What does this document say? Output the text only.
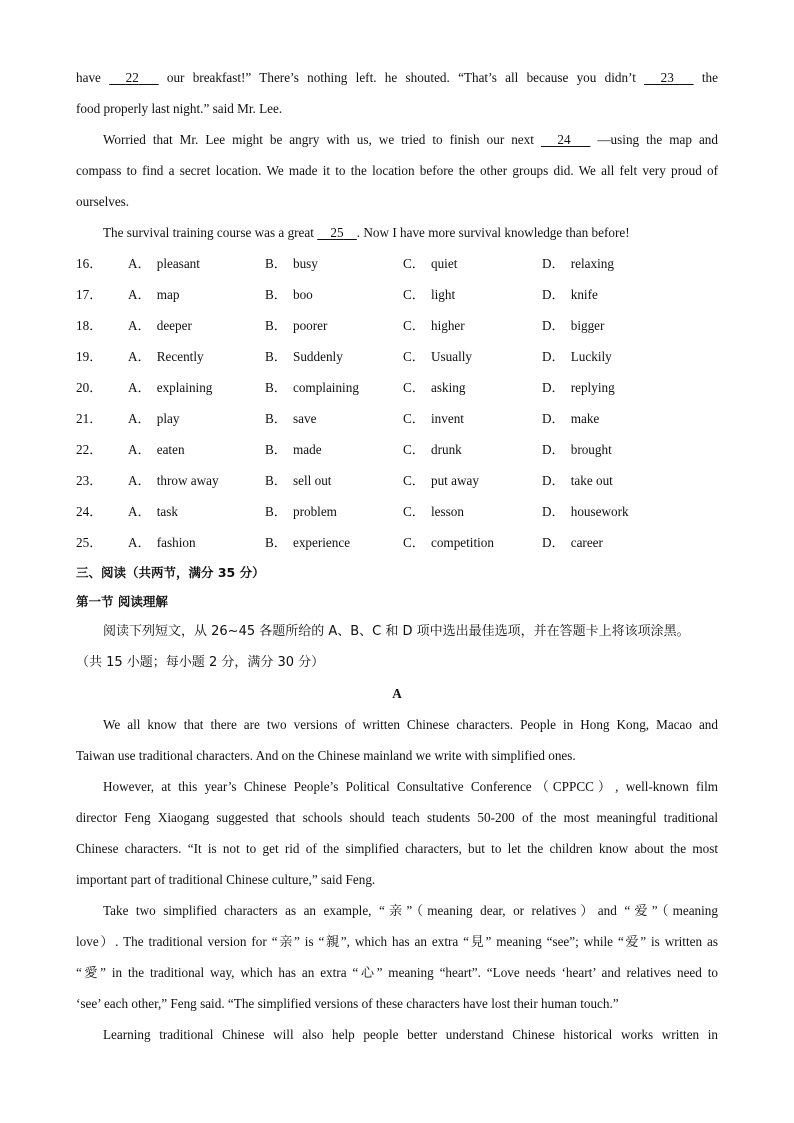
have      22       our breakfast!” There’s nothing left. he shouted. “That’s all because you didn’t      23       the
food properly last night.” said Mr. Lee.
Worried that Mr. Lee might be angry with us, we tried to finish our next      24       —using the map and
compass to find a secret location. We made it to the location before the other groups did. We all felt very proud of
ourselves.
The survival training course was a great     25 . Now I have more survival knowledge than before!
16．	A． pleasant	B． busy	C． quiet	D． relaxing
17．	A． map	B． boo	C． light	D． knife
18．	A． deeper	B． poorer	C． higher	D． bigger
19．	A． Recently	B． Suddenly	C． Usually	D． Luckily
20．	A． explaining	B． complaining	C． asking	D． replying
21．	A． play	B． save	C． invent	D． make
22．	A． eaten	B． made	C． drunk	D． brought
23．	A． throw away	B． sell out	C． put away	D． take out
24．	A． task	B． problem	C． lesson	D． housework
25．	A． fashion	B． experience	C． competition	D． career
三、阅读（共两节，满分 35 分）
第一节 阅读理解
阅读下列短文，从 26~45 各题所给的 A、B、C 和 D 项中选出最佳选项，并在答题卡上将该项涂黑。
（共 15 小题；每小题 2 分，满分 30 分）
A
We all know that there are two versions of written Chinese characters. People in Hong Kong, Macao and
Taiwan use traditional characters. And on the Chinese mainland we write with simplified ones.
However, at this year’s Chinese People’s Political Consultative Conference（CPPCC）, well-known film
director Feng Xiaogang suggested that schools should teach students 50-200 of the most meaningful traditional
Chinese characters. “It is not to get rid of the simplified characters, but to let the children know about the most
important part of traditional Chinese culture,” said Feng.
Take two simplified characters as an example, “亲”（meaning dear, or relatives）and “爱”（meaning
love）. The traditional version for “亲” is “親”, which has an extra “見” meaning “see”; while “爱” is written as
“愛” in the traditional way, which has an extra “心” meaning “heart”. “Love needs ‘heart’ and relatives need to
‘see’ each other,” Feng said. “The simplified versions of these characters have lost their human touch.”
Learning traditional Chinese will also help people better understand Chinese historical works written in
